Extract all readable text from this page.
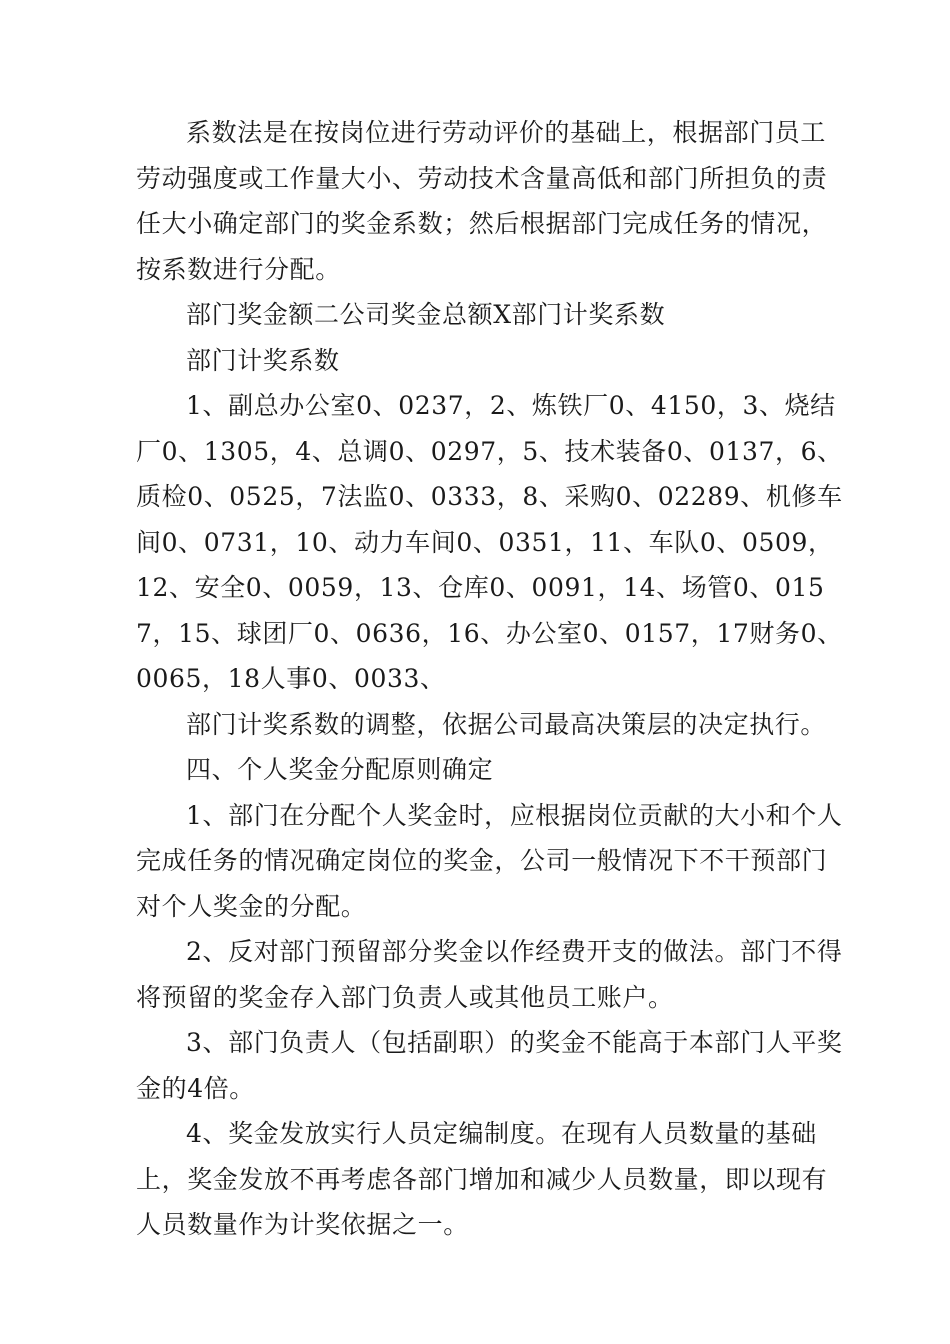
系数法是在按岗位进行劳动评价的基础上，根据部门员工劳动强度或工作量大小、劳动技术含量高低和部门所担负的责任大小确定部门的奖金系数；然后根据部门完成任务的情况，按系数进行分配。

部门奖金额二公司奖金总额X部门计奖系数

部门计奖系数

1、副总办公室0、0237，2、炼铁厂0、4150，3、烧结厂0、1305，4、总调0、0297，5、技术装备0、0137，6、质检0、0525，7法监0、0333，8、采购0、02289、机修车间0、0731，10、动力车间0、0351，11、车队0、0509，12、安全0、0059，13、仓库0、0091，14、场管0、0157，15、球团厂0、0636，16、办公室0、0157，17财务0、0065，18人事0、0033、

部门计奖系数的调整，依据公司最高决策层的决定执行。

四、个人奖金分配原则确定

1、部门在分配个人奖金时，应根据岗位贡献的大小和个人完成任务的情况确定岗位的奖金，公司一般情况下不干预部门对个人奖金的分配。

2、反对部门预留部分奖金以作经费开支的做法。部门不得将预留的奖金存入部门负责人或其他员工账户。

3、部门负责人（包括副职）的奖金不能高于本部门人平奖金的4倍。

4、奖金发放实行人员定编制度。在现有人员数量的基础上，奖金发放不再考虑各部门增加和减少人员数量，即以现有人员数量作为计奖依据之一。
